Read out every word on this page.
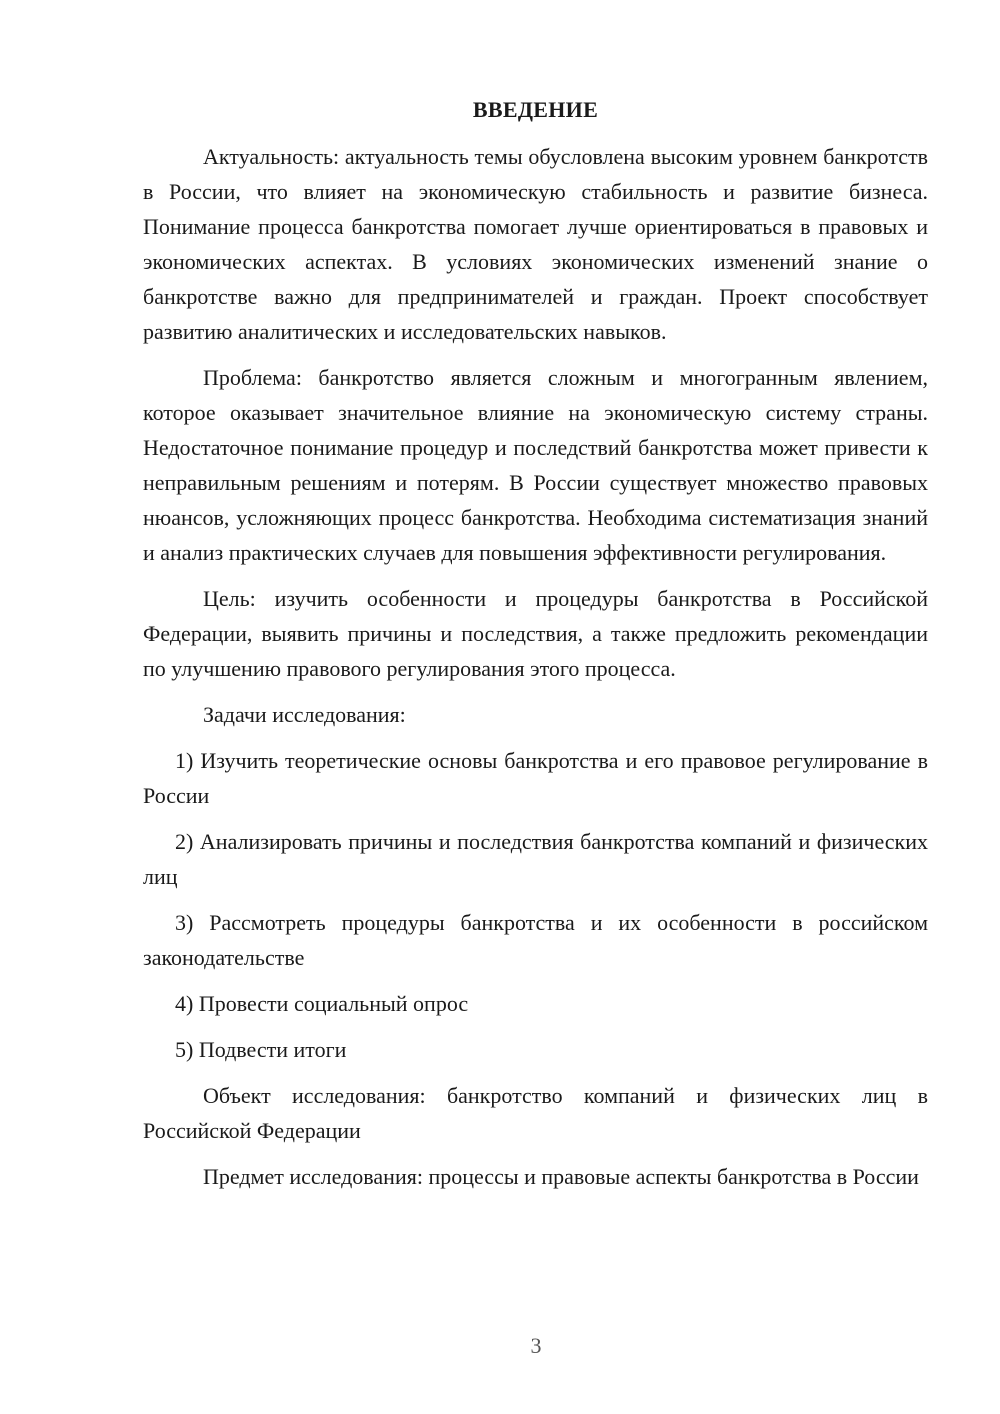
ВВЕДЕНИЕ

Актуальность: актуальность темы обусловлена высоким уровнем банкротств в России, что влияет на экономическую стабильность и развитие бизнеса. Понимание процесса банкротства помогает лучше ориентироваться в правовых и экономических аспектах. В условиях экономических изменений знание о банкротстве важно для предпринимателей и граждан. Проект способствует развитию аналитических и исследовательских навыков.

Проблема: банкротство является сложным и многогранным явлением, которое оказывает значительное влияние на экономическую систему страны. Недостаточное понимание процедур и последствий банкротства может привести к неправильным решениям и потерям. В России существует множество правовых нюансов, усложняющих процесс банкротства. Необходима систематизация знаний и анализ практических случаев для повышения эффективности регулирования.

Цель: изучить особенности и процедуры банкротства в Российской Федерации, выявить причины и последствия, а также предложить рекомендации по улучшению правового регулирования этого процесса.

Задачи исследования:

1) Изучить теоретические основы банкротства и его правовое регулирование в России

2) Анализировать причины и последствия банкротства компаний и физических лиц

3) Рассмотреть процедуры банкротства и их особенности в российском законодательстве

4) Провести социальный опрос

5) Подвести итоги

Объект исследования: банкротство компаний и физических лиц в Российской Федерации

Предмет исследования: процессы и правовые аспекты банкротства в России

3
